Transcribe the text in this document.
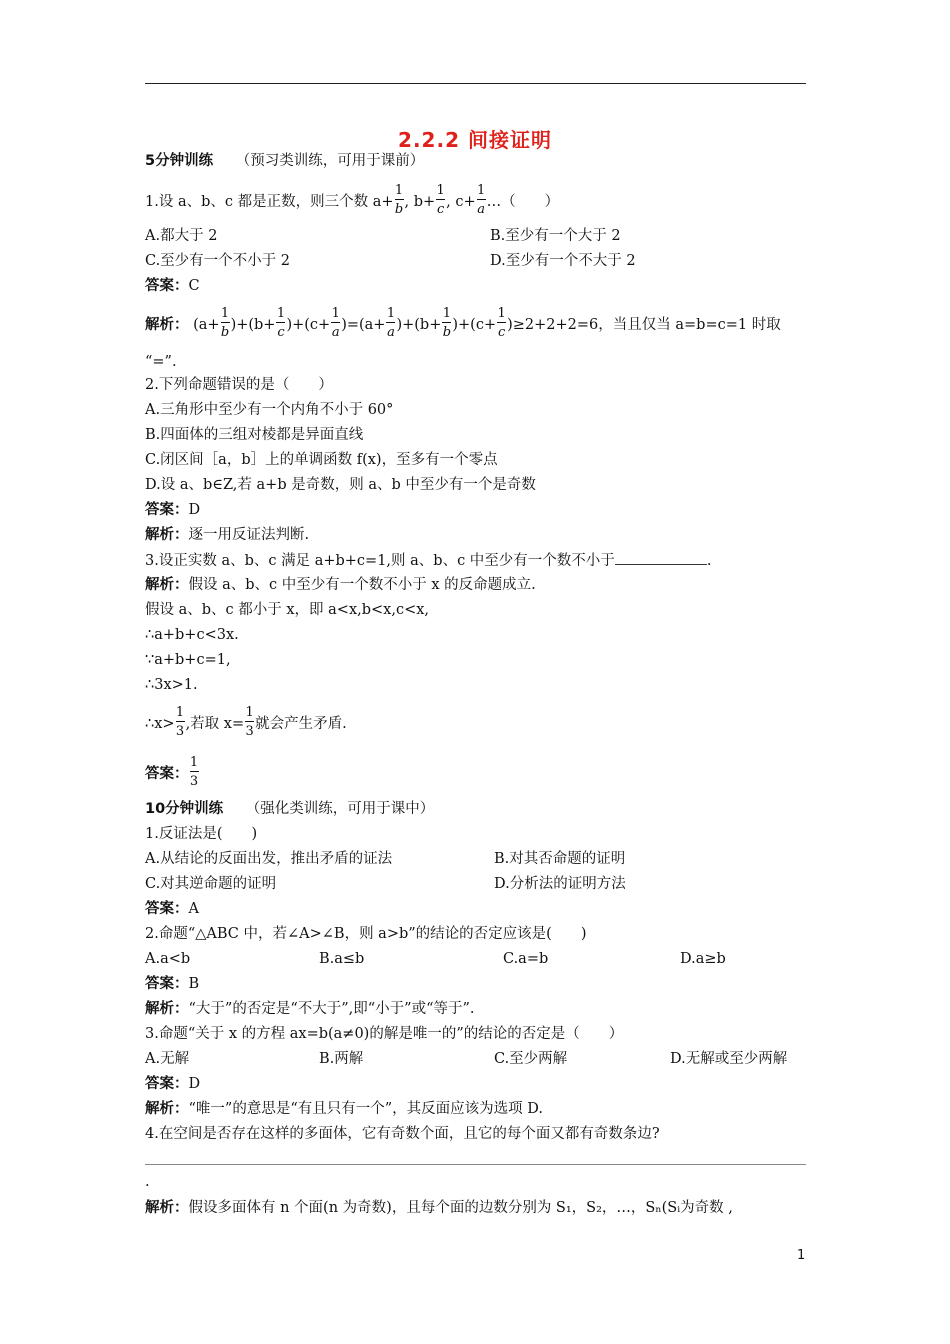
2.2.2 间接证明
5分钟训练 （预习类训练，可用于课前）
1.设 a、b、c 都是正数，则三个数 $a+ \frac{1}{b}$ , $b+ \frac{1}{c}$ , $c+ \frac{1}{a}$ …（　　）
A.都大于 2	B.至少有一个大于 2
C.至少有一个不小于 2	D.至少有一个不大于 2
答案：C
解析： $(a+ \frac{1}{b} )+(b+ \frac{1}{c} )+(c+ \frac{1}{a} )=(a+ \frac{1}{a} )+(b+ \frac{1}{b} )+(c+ \frac{1}{c} )\ge 2+2+2=6$，当且仅当 a=b=c=1 时取
“=”.
2.下列命题错误的是（　　）
A.三角形中至少有一个内角不小于 60°
B.四面体的三组对棱都是异面直线
C.闭区间［a，b］上的单调函数 f(x)，至多有一个零点
D.设 a、b∈Z,若 a+b 是奇数，则 a、b 中至少有一个是奇数
答案：D
解析：逐一用反证法判断.
3.设正实数 a、b、c 满足 a+b+c=1,则 a、b、c 中至少有一个数不小于	.
解析：假设 a、b、c 中至少有一个数不小于 x 的反命题成立.
假设 a、b、c 都小于 x，即 a<x,b<x,c<x,
∴a+b+c<3x.
∵a+b+c=1,
∴3x>1.
∴x> $\frac{1}{3}$ ,若取 $x= \frac{1}{3}$ 就会产生矛盾.
答案： $\frac{1}{3}$
10分钟训练 （强化类训练，可用于课中）
1.反证法是(　　)
A.从结论的反面出发，推出矛盾的证法	B.对其否命题的证明
C.对其逆命题的证明	D.分析法的证明方法
答案：A
2.命题“△ABC 中，若∠A>∠B，则 a>b”的结论的否定应该是(　　)
A.a<b	B.a≤b	C.a=b	D.a≥b
答案：B
解析：“大于”的否定是“不大于”,即“小于”或“等于”.
3.命题“关于 x 的方程 ax=b(a≠0)的解是唯一的”的结论的否定是（　　）
A.无解	B.两解	C.至少两解	D.无解或至少两解
答案：D
解析：“唯一”的意思是“有且只有一个”，其反面应该为选项 D.
4.在空间是否存在这样的多面体，它有奇数个面，且它的每个面又都有奇数条边?
.
解析：假设多面体有 n 个面(n 为奇数)，且每个面的边数分别为 S₁，S₂，…，Sₙ(Sᵢ为奇数 ,
1
